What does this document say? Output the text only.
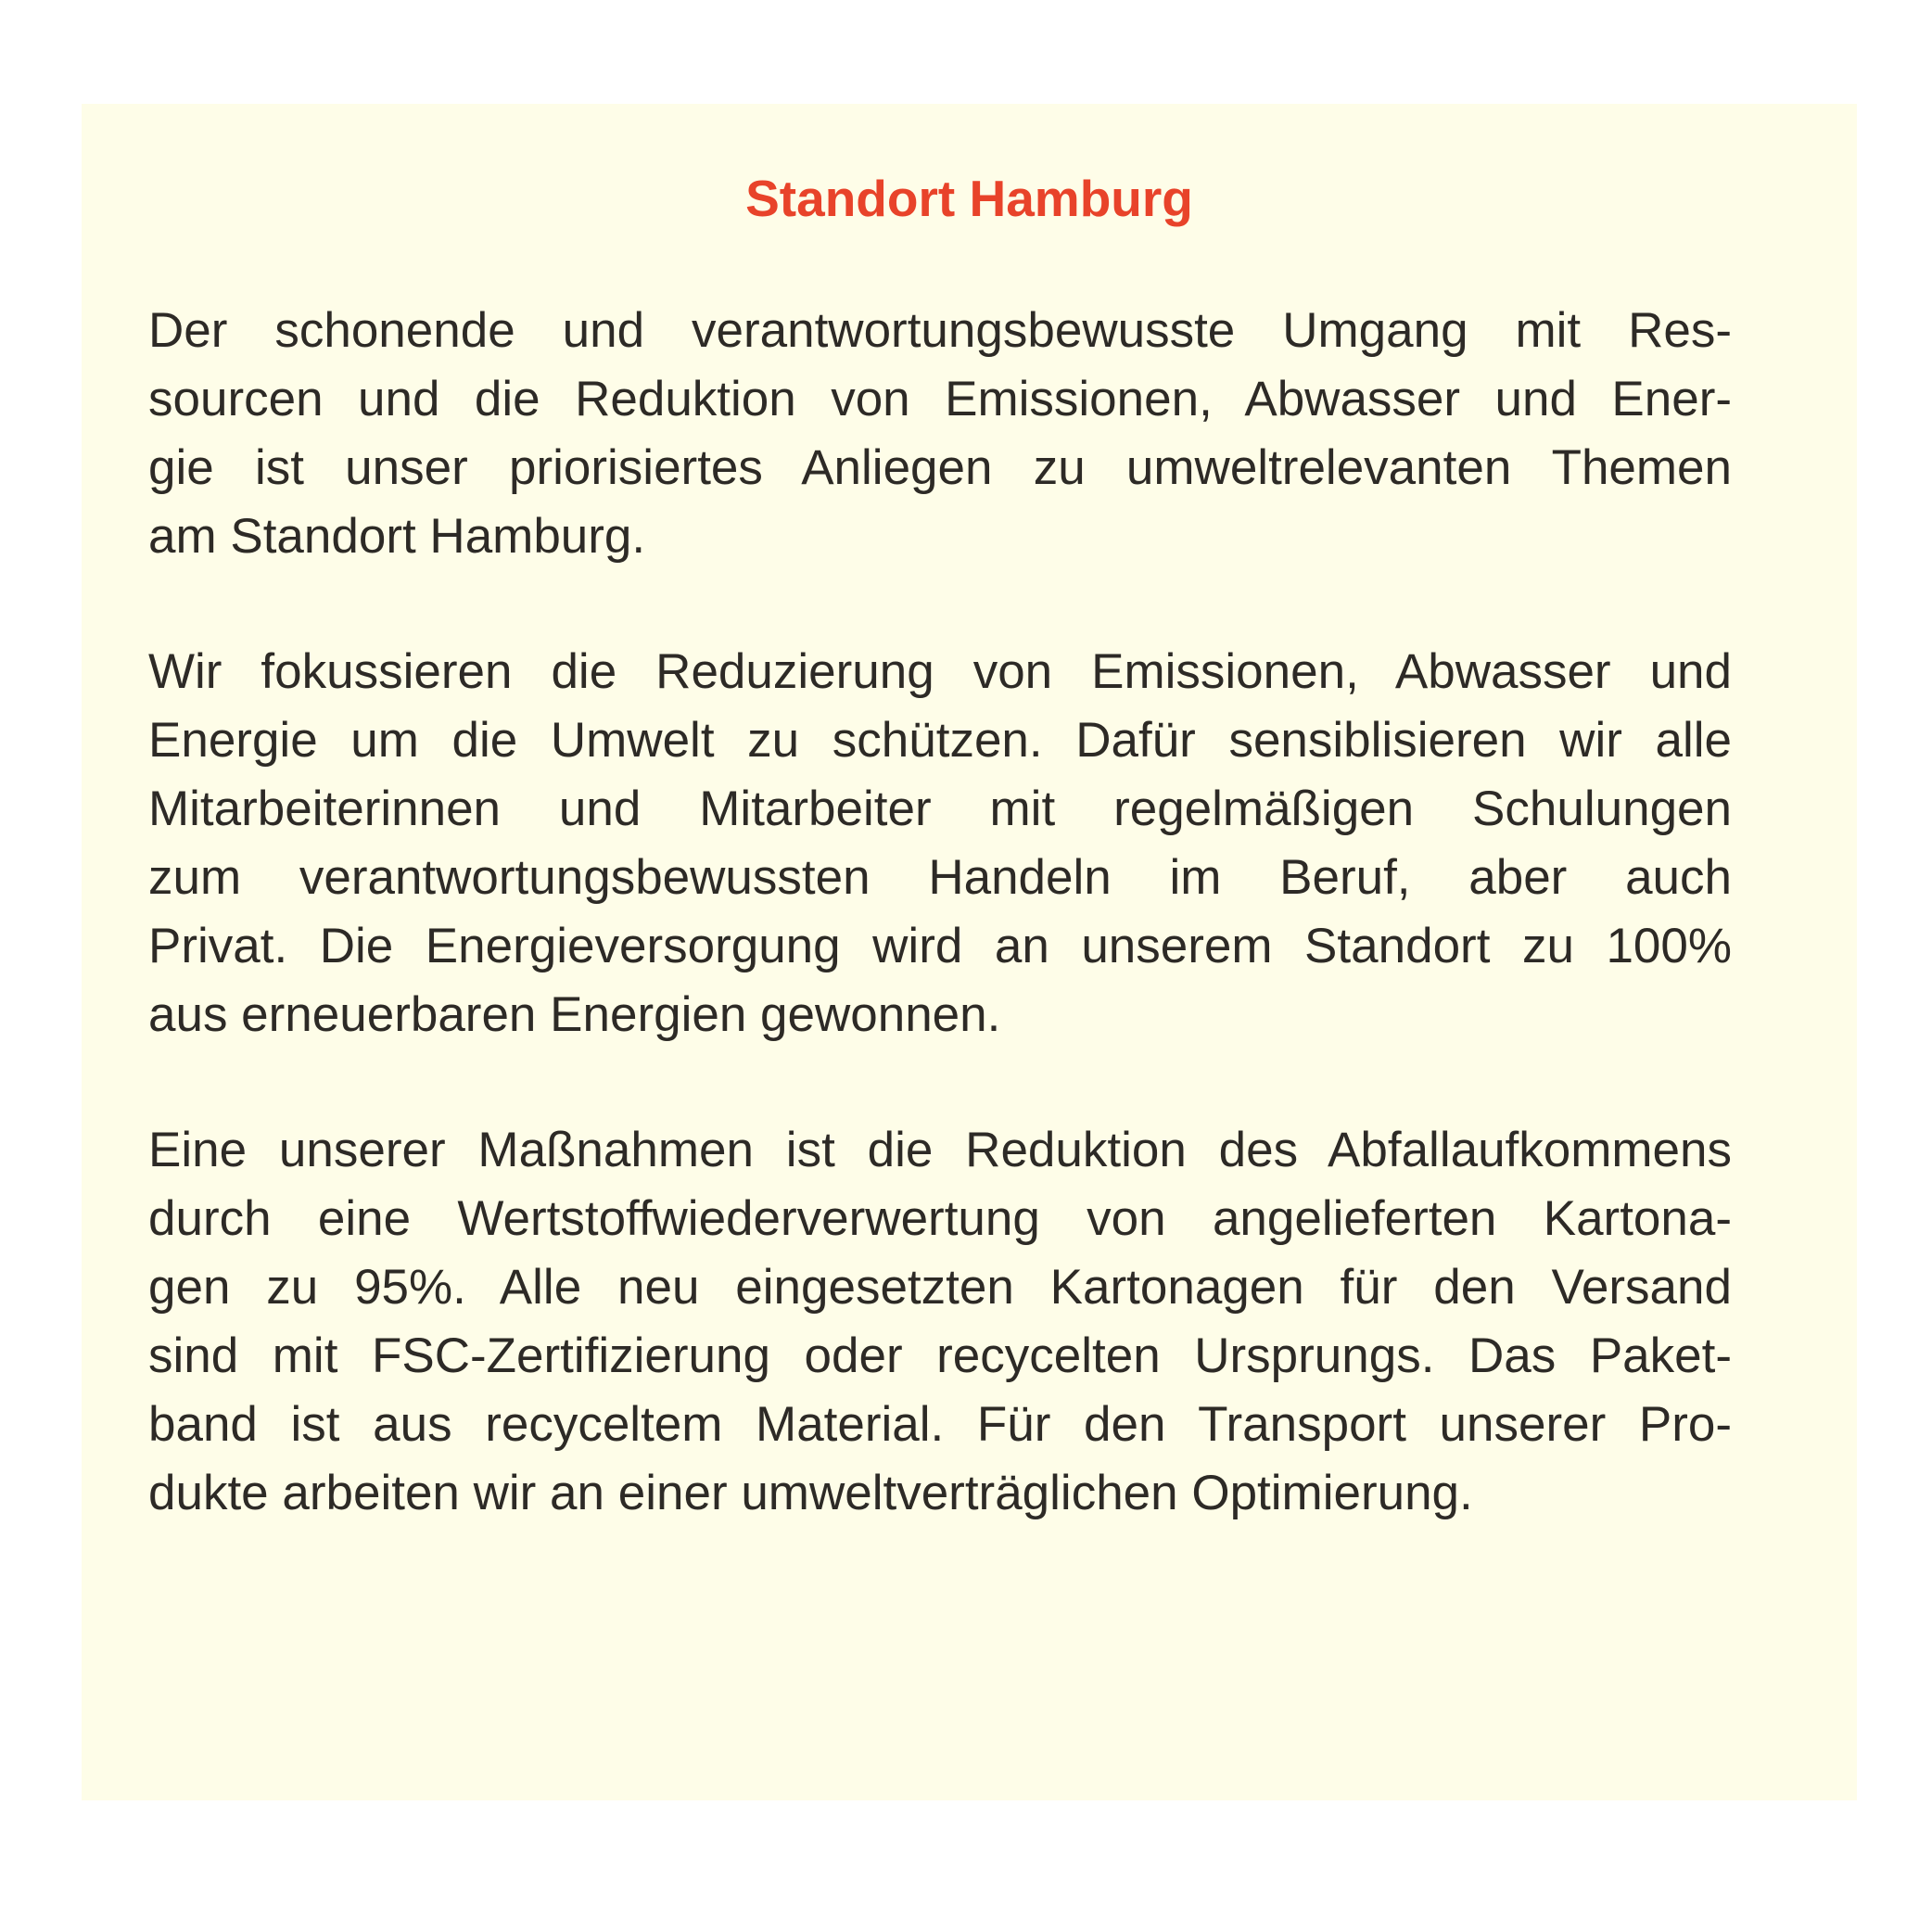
Standort Hamburg

Der schonende und verantwortungsbewusste Umgang mit Res-
sourcen und die Reduktion von Emissionen, Abwasser und Ener-
gie ist unser priorisiertes Anliegen zu umweltrelevanten Themen
am Standort Hamburg.

Wir fokussieren die Reduzierung von Emissionen, Abwasser und
Energie um die Umwelt zu schützen. Dafür sensiblisieren wir alle
Mitarbeiterinnen und Mitarbeiter mit regelmäßigen Schulungen
zum verantwortungsbewussten Handeln im Beruf, aber auch
Privat. Die Energieversorgung wird an unserem Standort zu 100%
aus erneuerbaren Energien gewonnen.

Eine unserer Maßnahmen ist die Reduktion des Abfallaufkommens
durch eine Wertstoffwiederverwertung von angelieferten Kartona-
gen zu 95%. Alle neu eingesetzten Kartonagen für den Versand
sind mit FSC-Zertifizierung oder recycelten Ursprungs. Das Paket-
band ist aus recyceltem Material. Für den Transport unserer Pro-
dukte arbeiten wir an einer umweltverträglichen Optimierung.
